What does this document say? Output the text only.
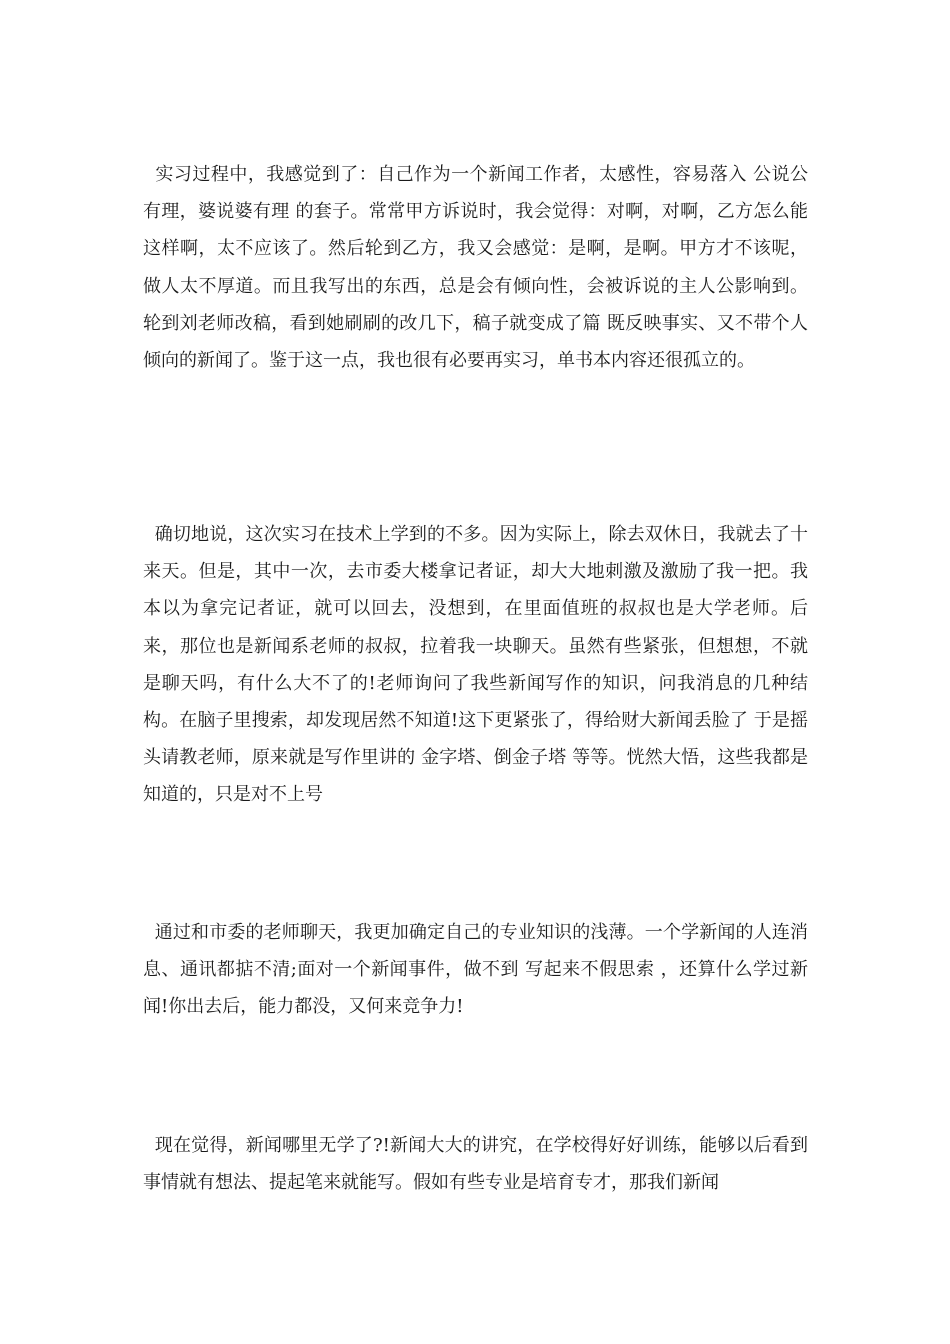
实习过程中，我感觉到了：自己作为一个新闻工作者，太感性，容易落入 公说公有理，婆说婆有理 的套子。常常甲方诉说时，我会觉得：对啊，对啊，乙方怎么能这样啊，太不应该了。然后轮到乙方，我又会感觉：是啊，是啊。甲方才不该呢，做人太不厚道。而且我写出的东西，总是会有倾向性，会被诉说的主人公影响到。轮到刘老师改稿，看到她刷刷的改几下，稿子就变成了篇 既反映事实、又不带个人倾向的新闻了。鉴于这一点，我也很有必要再实习，单书本内容还很孤立的。

确切地说，这次实习在技术上学到的不多。因为实际上，除去双休日，我就去了十来天。但是，其中一次，去市委大楼拿记者证，却大大地刺激及激励了我一把。我本以为拿完记者证，就可以回去，没想到，在里面值班的叔叔也是大学老师。后来，那位也是新闻系老师的叔叔，拉着我一块聊天。虽然有些紧张，但想想，不就是聊天吗，有什么大不了的!老师询问了我些新闻写作的知识，问我消息的几种结构。在脑子里搜索，却发现居然不知道!这下更紧张了，得给财大新闻丢脸了 于是摇头请教老师，原来就是写作里讲的 金字塔、倒金子塔 等等。恍然大悟，这些我都是知道的，只是对不上号

通过和市委的老师聊天，我更加确定自己的专业知识的浅薄。一个学新闻的人连消息、通讯都掂不清;面对一个新闻事件，做不到 写起来不假思索 ，还算什么学过新闻!你出去后，能力都没，又何来竞争力!

现在觉得，新闻哪里无学了?!新闻大大的讲究，在学校得好好训练，能够以后看到事情就有想法、提起笔来就能写。假如有些专业是培育专才，那我们新闻
